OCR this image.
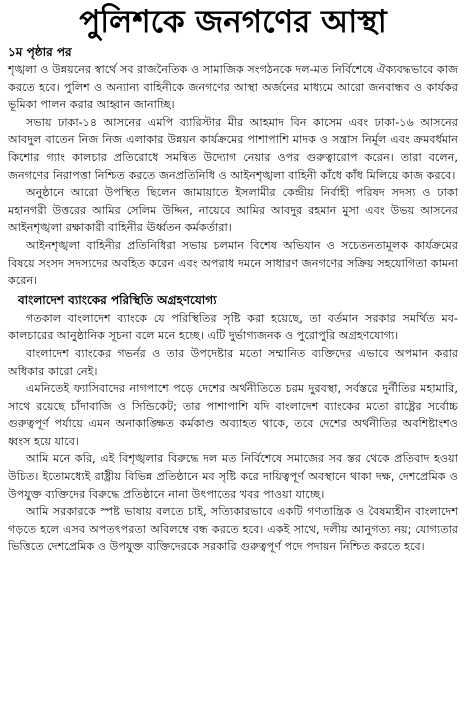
পুলিশকে জনগণের আস্থা
১ম পৃষ্ঠার পর

শৃঙ্খলা ও উন্নয়নের স্বার্থে সব রাজনৈতিক ও সামাজিক সংগঠনকে দল-মত নির্বিশেষে ঐক্যবদ্ধভাবে কাজ করতে হবে। পুলিশ ও অন্যান্য বাহিনীকে জনগণের আস্থা অর্জনের মাধ্যমে আরো জনবান্ধব ও কার্যকর ভূমিকা পালন করার আহ্বান জানাচ্ছি।

সভায় ঢাকা-১৪ আসনের এমপি ব্যারিস্টার মীর আহমাদ বিন কাসেম এবং ঢাকা-১৬ আসনের আবদুল বাতেন নিজ নিজ এলাকার উন্নয়ন কার্যক্রমের পাশাপাশি মাদক ও সন্ত্রাস নির্মূল এবং ক্রমবর্ধমান কিশোর গ্যাং কালচার প্রতিরোধে সমন্বিত উদ্যোগ নেয়ার ওপর গুরুত্বারোপ করেন। তারা বলেন, জনগণের নিরাপত্তা নিশ্চিত করতে জনপ্রতিনিধি ও আইনশৃঙ্খলা বাহিনী কাঁধে কাঁধ মিলিয়ে কাজ করবে।

অনুষ্ঠানে আরো উপস্থিত ছিলেন জামায়াতে ইসলামীর কেন্দ্রীয় নির্বাহী পরিষদ সদস্য ও ঢাকা মহানগরী উত্তরের আমির সেলিম উদ্দিন, নায়েবে আমির আবদুর রহমান মুসা এবং উভয় আসনের আইনশৃঙ্খলা রক্ষাকারী বাহিনীর ঊর্ধ্বতন কর্মকর্তারা।

আইনশৃঙ্খলা বাহিনীর প্রতিনিধিরা সভায় চলমান বিশেষ অভিযান ও সচেতনতামূলক কার্যক্রমের বিষয়ে সংসদ সদস্যদের অবহিত করেন এবং অপরাধ দমনে সাধারণ জনগণের সক্রিয় সহযোগিতা কামনা করেন।

বাংলাদেশ ব্যাংকের পরিস্থিতি অগ্রহণযোগ্য

গতকাল বাংলাদেশ ব্যাংকে যে পরিস্থিতির সৃষ্টি করা হয়েছে, তা বর্তমান সরকার সমর্থিত মব-কালচারের আনুষ্ঠানিক সূচনা বলে মনে হচ্ছে। এটি দুর্ভাগ্যজনক ও পুরোপুরি অগ্রহণযোগ্য।

বাংলাদেশ ব্যাংকের গভর্নর ও তার উপদেষ্টার মতো সম্মানিত ব্যক্তিদের এভাবে অপমান করার অধিকার কারো নেই।

এমনিতেই ফ্যাসিবাদের নাগপাশে পড়ে দেশের অর্থনীতিতে চরম দুরবস্থা, সর্বস্তরে দুর্নীতির মহামারি, সাথে রয়েছে চাঁদাবাজি ও সিন্ডিকেট; তার পাশাপাশি যদি বাংলাদেশ ব্যাংকের মতো রাষ্ট্রের সর্বোচ্চ গুরুত্বপূর্ণ পর্যায়ে এমন অনাকাঙ্ক্ষিত কর্মকাণ্ড অব্যাহত থাকে, তবে দেশের অর্থনীতির অবশিষ্টাংশও ধ্বংস হয়ে যাবে।

আমি মনে করি, এই বিশৃঙ্খলার বিরুদ্ধে দল মত নির্বিশেষে সমাজের সব স্তর থেকে প্রতিবাদ হওয়া উচিত। ইতোমধ্যেই রাষ্ট্রীয় বিভিন্ন প্রতিষ্ঠানে মব সৃষ্টি করে দায়িত্বপূর্ণ অবস্থানে থাকা দক্ষ, দেশপ্রেমিক ও উপযুক্ত ব্যক্তিদের বিরুদ্ধে প্রতিষ্ঠানে নানা উৎপাতের খবর পাওয়া যাচ্ছে।

আমি সরকারকে স্পষ্ট ভাষায় বলতে চাই, সত্যিকারভাবে একটি গণতান্ত্রিক ও বৈষম্যহীন বাংলাদেশ গড়তে হলে এসব অপতৎপরতা অবিলম্বে বন্ধ করতে হবে। একই সাথে, দলীয় আনুগত্য নয়; যোগ্যতার ভিত্তিতে দেশপ্রেমিক ও উপযুক্ত ব্যক্তিদেরকে সরকারি গুরুত্বপূর্ণ পদে পদায়ন নিশ্চিত করতে হবে।
